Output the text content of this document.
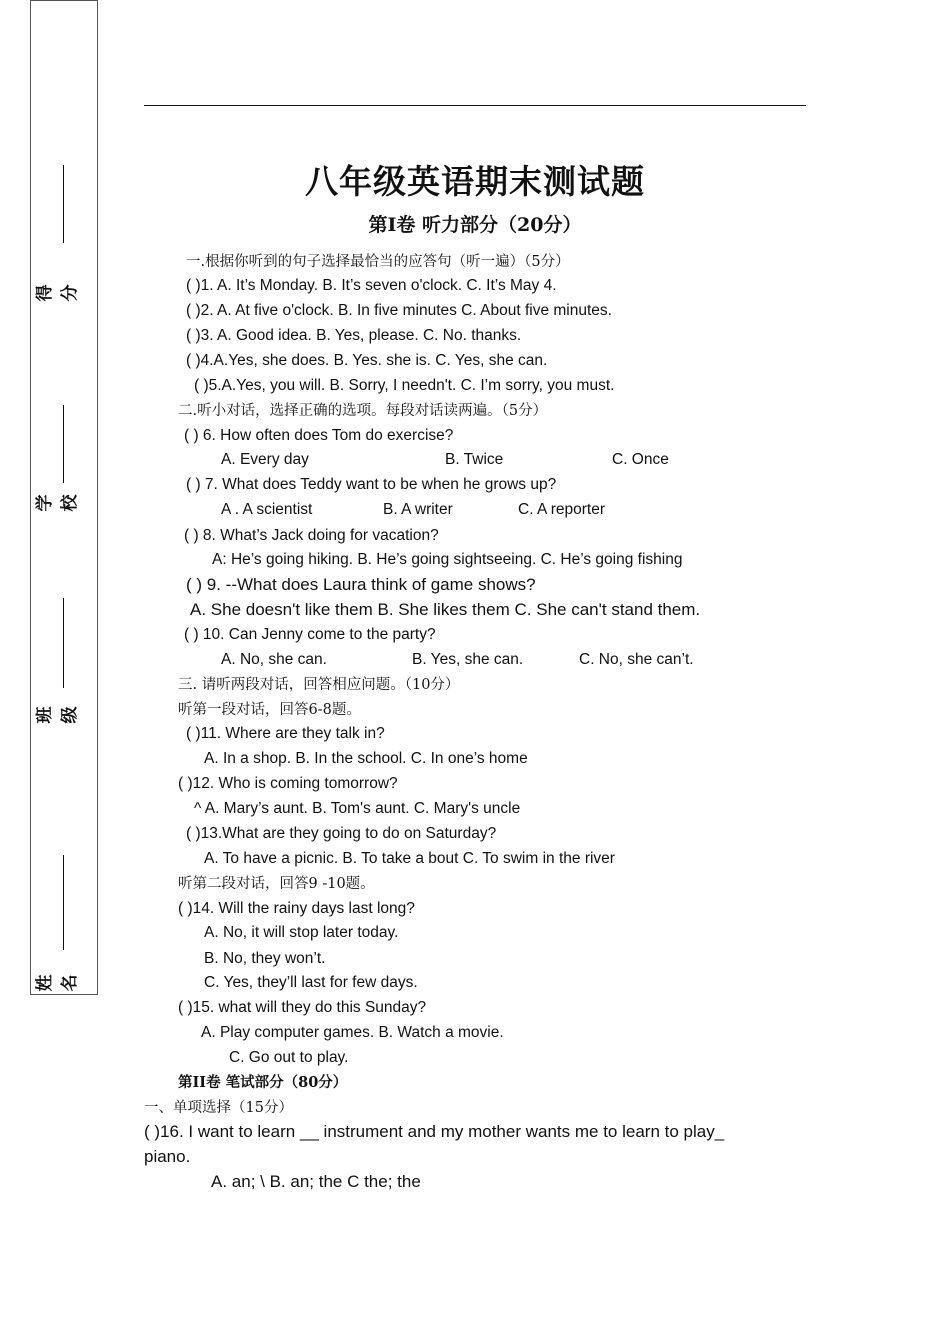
得分
学校
班级
姓名
八年级英语期末测试题
第Ⅰ卷 听力部分（20分）
一.根据你听到的句子选择最恰当的应答句（听一遍）（5分）
( )1. A. It’s Monday. B. It’s seven o'clock. C. It’s May 4.
( )2. A. At five o'clock. B. In five minutes C. About five minutes.
( )3. A. Good idea. B. Yes, please. C. No. thanks.
( )4.A.Yes, she does. B. Yes. she is. C. Yes, she can.
( )5.A.Yes, you will. B. Sorry, I needn't. C. I’m sorry, you must.
二.听小对话，选择正确的选项。每段对话读两遍。（5分）
( ) 6. How often does Tom do exercise?
A. Every day	B. Twice	C. Once
( ) 7. What does Teddy want to be when he grows up?
A . A scientist	B. A writer	C. A reporter
( ) 8. What’s Jack doing for vacation?
A: He’s going hiking. B. He’s going sightseeing. C. He’s going fishing
( ) 9. --What does Laura think of game shows?
A. She doesn't like them B. She likes them C. She can't stand them.
( ) 10. Can Jenny come to the party?
A. No, she can.	B. Yes, she can.	C. No, she can’t.
三. 请听两段对话，回答相应问题。（10分）
听第一段对话，回答6-8题。
( )11. Where are they talk in?
A. In a shop. B. In the school. C. In one’s home
( )12. Who is coming tomorrow?
^ A. Mary’s aunt. B. Tom's aunt. C. Mary's uncle
( )13.What are they going to do on Saturday?
A. To have a picnic. B. To take a bout C. To swim in the river
听第二段对话，回答9 -10题。
( )14. Will the rainy days last long?
A. No, it will stop later today.
B. No, they won’t.
C. Yes, they’ll last for few days.
( )15. what will they do this Sunday?
A. Play computer games. B. Watch a movie.
C. Go out to play.
第II卷 笔试部分（80分）
一、单项选择（15分）
( )16. I want to learn __ instrument and my mother wants me to learn to play_
piano.
A. an; \ B. an; the C the; the
